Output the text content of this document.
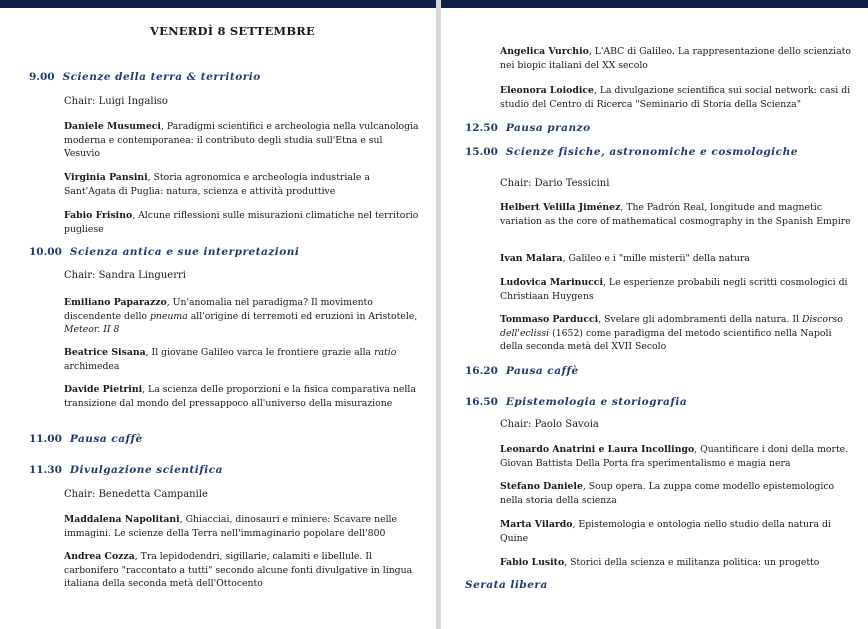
VENERDÌ 8 SETTEMBRE
9.00 Scienze della terra & territorio
Chair: Luigi Ingaliso
Daniele Musumeci, Paradigmi scientifici e archeologia nella vulcanologia moderna e contemporanea: il contributo degli studia sull'Etna e sul Vesuvio
Virginia Pansini, Storia agronomica e archeologia industriale a Sant'Agata di Puglia: natura, scienza e attività produttive
Fabio Frisino, Alcune riflessioni sulle misurazioni climatiche nel territorio pugliese
10.00 Scienza antica e sue interpretazioni
Chair: Sandra Linguerri
Emiliano Paparazzo, Un'anomalia nel paradigma? Il movimento discendente dello pneuma all'origine di terremoti ed eruzioni in Aristotele, Meteor. II 8
Beatrice Sisana, Il giovane Galileo varca le frontiere grazie alla ratio archimedea
Davide Pietrini, La scienza delle proporzioni e la fisica comparativa nella transizione dal mondo del pressappoco all'universo della misurazione
11.00 Pausa caffè
11.30 Divulgazione scientifica
Chair: Benedetta Campanile
Maddalena Napolitani, Ghiacciai, dinosauri e miniere: Scavare nelle immagini. Le scienze della Terra nell'immaginario popolare dell'800
Andrea Cozza, Tra lepidodendri, sigillarie, calamiti e libellule. Il carbonifero "raccontato a tutti" secondo alcune fonti divulgative in lingua italiana della seconda metà dell'Ottocento
Angelica Vurchio, L'ABC di Galileo. La rappresentazione dello scienziato nei biopic italiani del XX secolo
Eleonora Loiodice, La divulgazione scientifica sui social network: casi di studio del Centro di Ricerca "Seminario di Storia della Scienza"
12.50 Pausa pranzo
15.00 Scienze fisiche, astronomiche e cosmologiche
Chair: Dario Tessicini
Helbert Velilla Jiménez, The Padrón Real, longitude and magnetic variation as the core of mathematical cosmography in the Spanish Empire
Ivan Malara, Galileo e i "mille misterii" della natura
Ludovica Marinucci, Le esperienze probabili negli scritti cosmologici di Christiaan Huygens
Tommaso Parducci, Svelare gli adombramenti della natura. Il Discorso dell'eclissi (1652) come paradigma del metodo scientifico nella Napoli della seconda metà del XVII Secolo
16.20 Pausa caffè
16.50 Epistemologia e storiografia
Chair: Paolo Savoia
Leonardo Anatrini e Laura Incollingo, Quantificare i doni della morte. Giovan Battista Della Porta fra sperimentalismo e magia nera
Stefano Daniele, Soup opera. La zuppa come modello epistemologico nella storia della scienza
Marta Vilardo, Epistemologia e ontologia nello studio della natura di Quine
Fabio Lusito, Storici della scienza e militanza politica: un progetto
Serata libera
